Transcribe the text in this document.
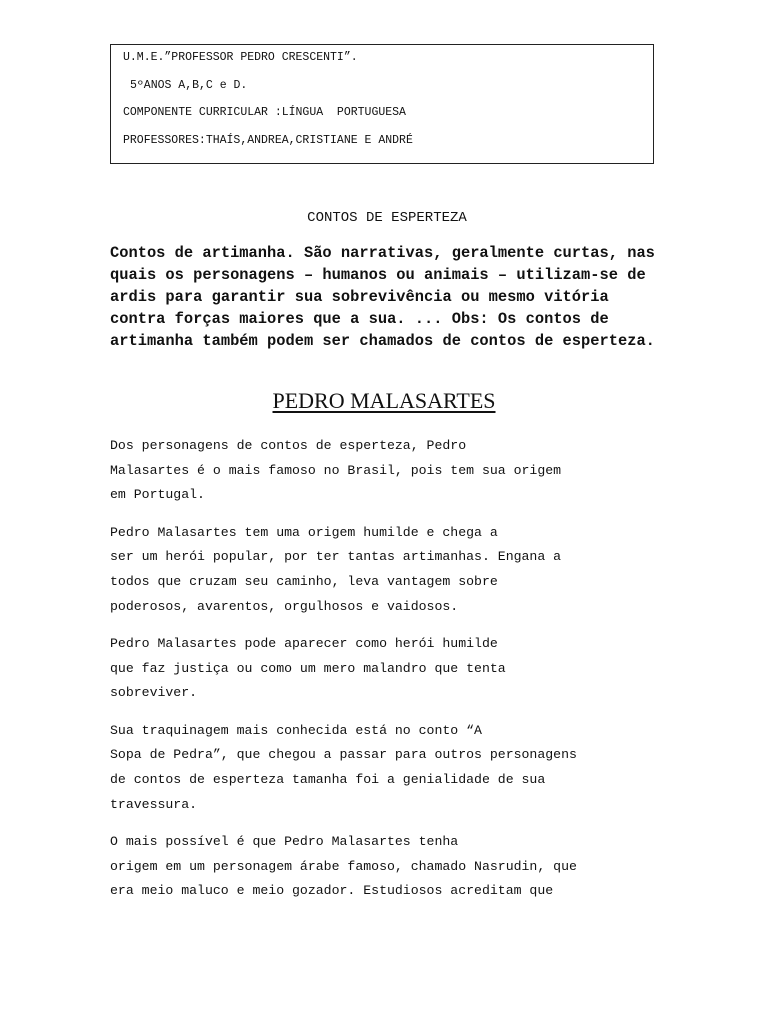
U.M.E.”PROFESSOR PEDRO CRESCENTI”.
5ºANOS A,B,C e D.
COMPONENTE CURRICULAR :LÍNGUA  PORTUGUESA
PROFESSORES:THAÍS,ANDREA,CRISTIANE E ANDRÉ
CONTOS DE ESPERTEZA

Contos de artimanha. São narrativas, geralmente curtas, nas quais os personagens – humanos ou animais – utilizam-se de ardis para garantir sua sobrevivência ou mesmo vitória contra forças maiores que a sua. ... Obs: Os contos de artimanha também podem ser chamados de contos de esperteza.

PEDRO MALASARTES

Dos personagens de contos de esperteza, Pedro
Malasartes é o mais famoso no Brasil, pois tem sua origem
em Portugal.

Pedro Malasartes tem uma origem humilde e chega a
ser um herói popular, por ter tantas artimanhas. Engana a
todos que cruzam seu caminho, leva vantagem sobre
poderosos, avarentos, orgulhosos e vaidosos.

Pedro Malasartes pode aparecer como herói humilde
que faz justiça ou como um mero malandro que tenta
sobreviver.

Sua traquinagem mais conhecida está no conto “A
Sopa de Pedra”, que chegou a passar para outros personagens
de contos de esperteza tamanha foi a genialidade de sua
travessura.

O mais possível é que Pedro Malasartes tenha
origem em um personagem árabe famoso, chamado Nasrudin, que
era meio maluco e meio gozador. Estudiosos acreditam que
